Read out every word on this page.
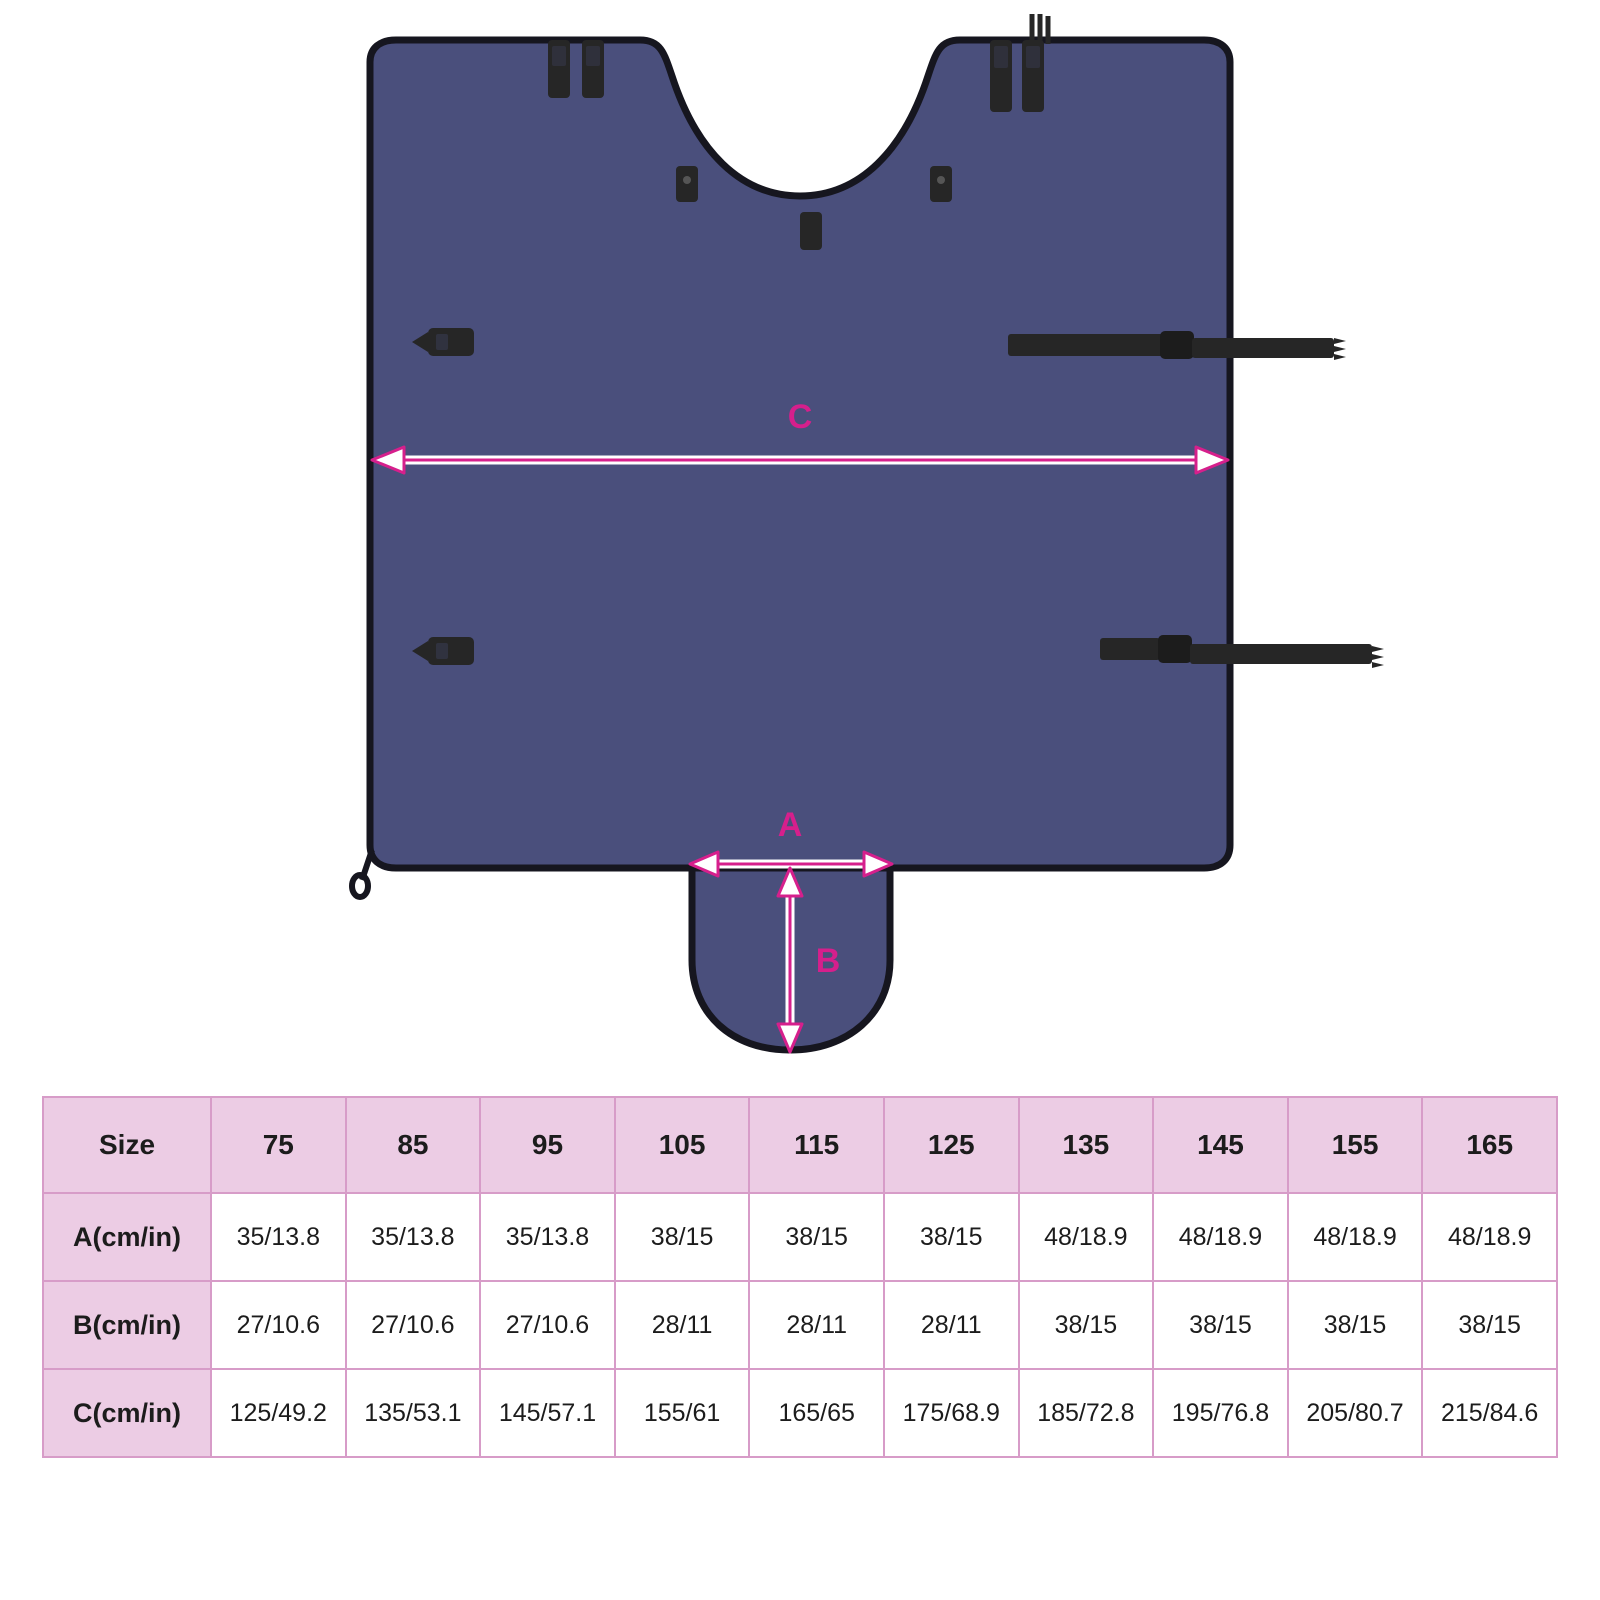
C
A
B
Size	75	85	95	105	115	125	135	145	155	165
A(cm/in)	35/13.8	35/13.8	35/13.8	38/15	38/15	38/15	48/18.9	48/18.9	48/18.9	48/18.9
B(cm/in)	27/10.6	27/10.6	27/10.6	28/11	28/11	28/11	38/15	38/15	38/15	38/15
C(cm/in)	125/49.2	135/53.1	145/57.1	155/61	165/65	175/68.9	185/72.8	195/76.8	205/80.7	215/84.6
